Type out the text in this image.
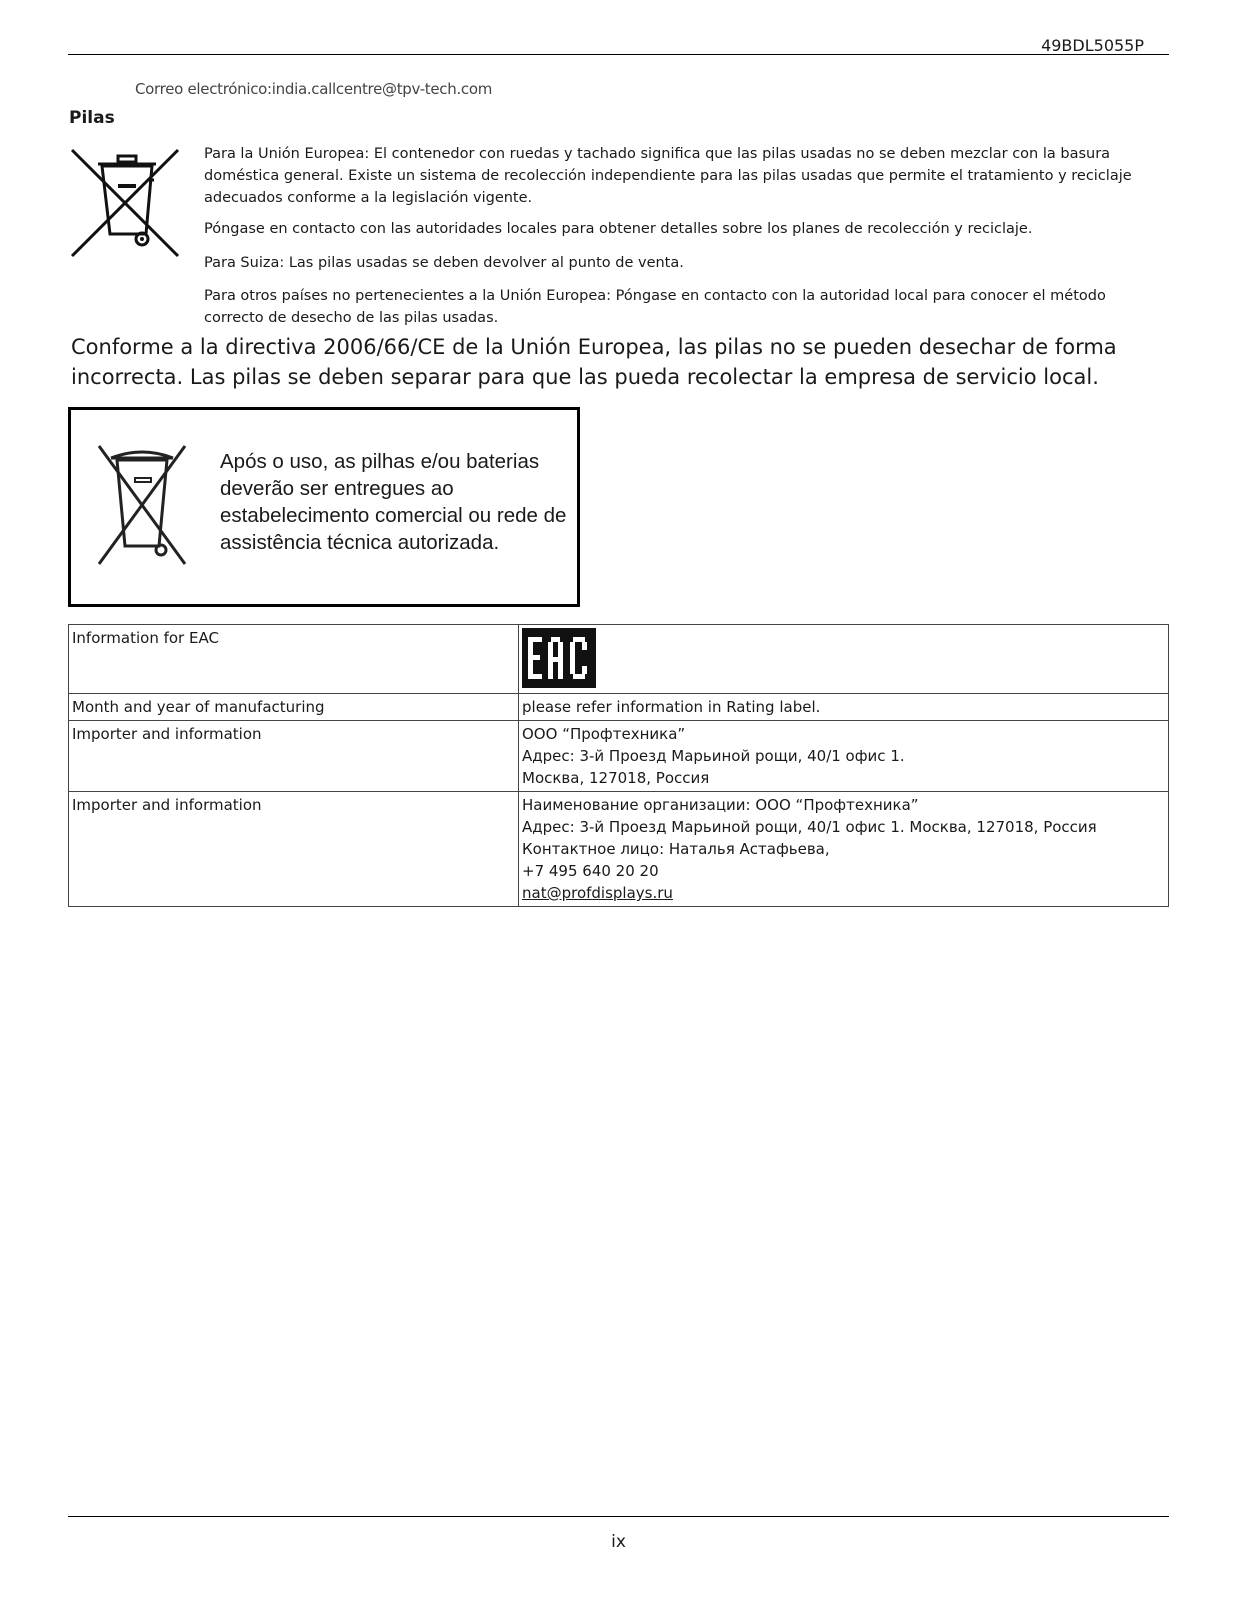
49BDL5055P
Correo electrónico:india.callcentre@tpv-tech.com
Pilas
Para la Unión Europea: El contenedor con ruedas y tachado significa que las pilas usadas no se deben mezclar con la basura doméstica general. Existe un sistema de recolección independiente para las pilas usadas que permite el tratamiento y reciclaje adecuados conforme a la legislación vigente.
Póngase en contacto con las autoridades locales para obtener detalles sobre los planes de recolección y reciclaje.
Para Suiza: Las pilas usadas se deben devolver al punto de venta.
Para otros países no pertenecientes a la Unión Europea: Póngase en contacto con la autoridad local para conocer el método correcto de desecho de las pilas usadas.
Conforme a la directiva 2006/66/CE de la Unión Europea, las pilas no se pueden desechar de forma incorrecta. Las pilas se deben separar para que las pueda recolectar la empresa de servicio local.
Após o uso, as pilhas e/ou baterias deverão ser entregues ao estabelecimento comercial ou rede de assistência técnica autorizada.
Information for EAC	

Month and year of manufacturing	please refer information in Rating label.

Importer and information	ООО “Профтехника”
Адрес: 3-й Проезд Марьиной рощи, 40/1 офис 1.
Москва, 127018, Россия

Importer and information	Наименование организации: ООО “Профтехника”
Адрес: 3-й Проезд Марьиной рощи, 40/1 офис 1. Москва, 127018, Россия
Контактное лицо: Наталья Астафьева,
+7 495 640 20 20
nat@profdisplays.ru
ix
